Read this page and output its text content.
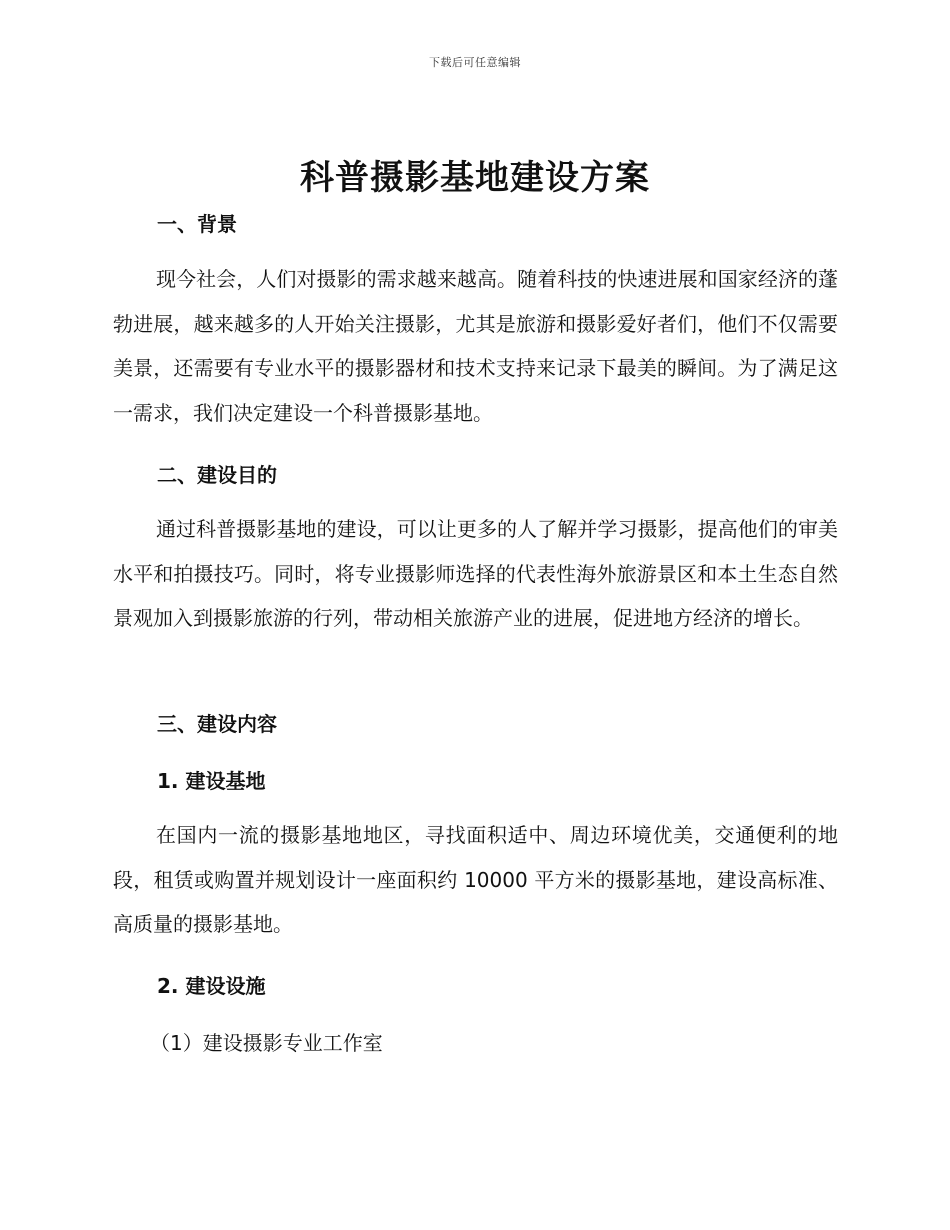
下载后可任意编辑
科普摄影基地建设方案
一、背景

现今社会，人们对摄影的需求越来越高。随着科技的快速进展和国家经济的蓬勃进展，越来越多的人开始关注摄影，尤其是旅游和摄影爱好者们，他们不仅需要美景，还需要有专业水平的摄影器材和技术支持来记录下最美的瞬间。为了满足这一需求，我们决定建设一个科普摄影基地。

二、建设目的

通过科普摄影基地的建设，可以让更多的人了解并学习摄影，提高他们的审美水平和拍摄技巧。同时，将专业摄影师选择的代表性海外旅游景区和本土生态自然景观加入到摄影旅游的行列，带动相关旅游产业的进展，促进地方经济的增长。

三、建设内容
1. 建设基地

在国内一流的摄影基地地区，寻找面积适中、周边环境优美，交通便利的地段，租赁或购置并规划设计一座面积约 10000 平方米的摄影基地，建设高标准、高质量的摄影基地。

2. 建设设施

（1）建设摄影专业工作室
